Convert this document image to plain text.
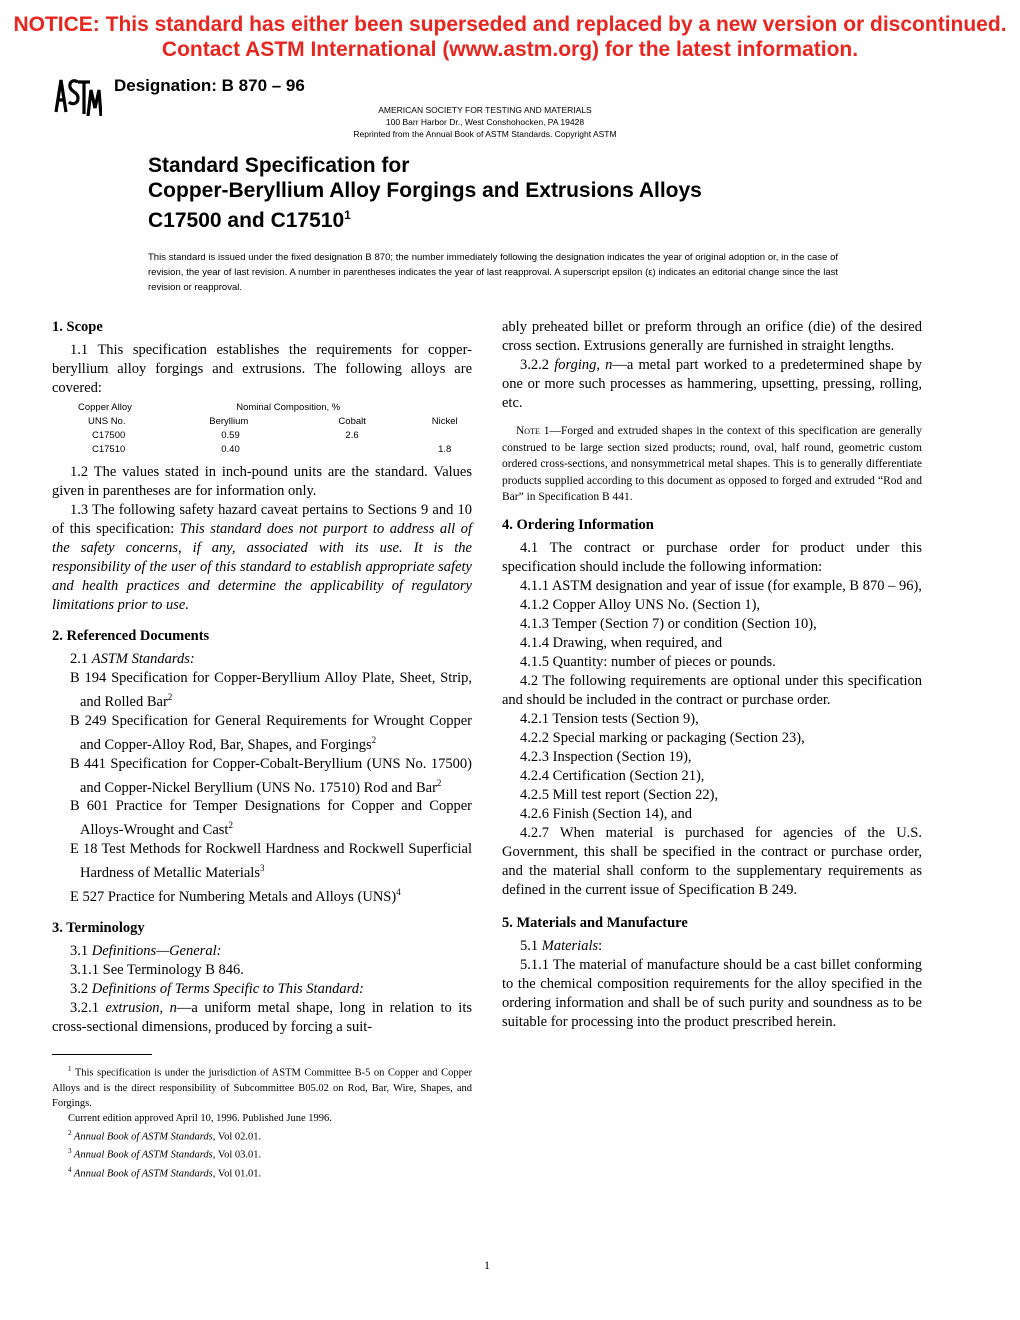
NOTICE: This standard has either been superseded and replaced by a new version or discontinued.
Contact ASTM International (www.astm.org) for the latest information.
Designation: B 870 – 96
AMERICAN SOCIETY FOR TESTING AND MATERIALS
100 Barr Harbor Dr., West Conshohocken, PA 19428
Reprinted from the Annual Book of ASTM Standards. Copyright ASTM
Standard Specification for
Copper-Beryllium Alloy Forgings and Extrusions Alloys
C17500 and C17510$^1$
This standard is issued under the fixed designation B 870; the number immediately following the designation indicates the year of original adoption or, in the case of revision, the year of last revision. A number in parentheses indicates the year of last reapproval. A superscript epsilon (ε) indicates an editorial change since the last revision or reapproval.

1. Scope

1.1 This specification establishes the requirements for copper-beryllium alloy forgings and extrusions. The following alloys are covered:

Copper Alloy	Nominal Composition, %		
UNS No.	Beryllium	Cobalt	Nickel
C17500	0.59	2.6	
C17510	0.40		1.8

1.2 The values stated in inch-pound units are the standard. Values given in parentheses are for information only.

1.3 The following safety hazard caveat pertains to Sections 9 and 10 of this specification: This standard does not purport to address all of the safety concerns, if any, associated with its use. It is the responsibility of the user of this standard to establish appropriate safety and health practices and determine the applicability of regulatory limitations prior to use.

2. Referenced Documents

2.1 ASTM Standards:

B 194 Specification for Copper-Beryllium Alloy Plate, Sheet, Strip, and Rolled Bar$^2$

B 249 Specification for General Requirements for Wrought Copper and Copper-Alloy Rod, Bar, Shapes, and Forgings$^2$

B 441 Specification for Copper-Cobalt-Beryllium (UNS No. 17500) and Copper-Nickel Beryllium (UNS No. 17510) Rod and Bar$^2$

B 601 Practice for Temper Designations for Copper and Copper Alloys-Wrought and Cast$^2$

E 18 Test Methods for Rockwell Hardness and Rockwell Superficial Hardness of Metallic Materials$^3$

E 527 Practice for Numbering Metals and Alloys (UNS)$^4$

3. Terminology

3.1 Definitions—General:

3.1.1 See Terminology B 846.

3.2 Definitions of Terms Specific to This Standard:

3.2.1 extrusion, n—a uniform metal shape, long in relation to its cross-sectional dimensions, produced by forcing a suit-

ably preheated billet or preform through an orifice (die) of the desired cross section. Extrusions generally are furnished in straight lengths.

3.2.2 forging, n—a metal part worked to a predetermined shape by one or more such processes as hammering, upsetting, pressing, rolling, etc.

Note 1—Forged and extruded shapes in the context of this specification are generally construed to be large section sized products; round, oval, half round, geometric custom ordered cross-sections, and nonsymmetrical metal shapes. This is to generally differentiate products supplied according to this document as opposed to forged and extruded “Rod and Bar” in Specification B 441.

4. Ordering Information

4.1 The contract or purchase order for product under this specification should include the following information:

4.1.1 ASTM designation and year of issue (for example, B 870 – 96),

4.1.2 Copper Alloy UNS No. (Section 1),

4.1.3 Temper (Section 7) or condition (Section 10),

4.1.4 Drawing, when required, and

4.1.5 Quantity: number of pieces or pounds.

4.2 The following requirements are optional under this specification and should be included in the contract or purchase order.

4.2.1 Tension tests (Section 9),

4.2.2 Special marking or packaging (Section 23),

4.2.3 Inspection (Section 19),

4.2.4 Certification (Section 21),

4.2.5 Mill test report (Section 22),

4.2.6 Finish (Section 14), and

4.2.7 When material is purchased for agencies of the U.S. Government, this shall be specified in the contract or purchase order, and the material shall conform to the supplementary requirements as defined in the current issue of Specification B 249.

5. Materials and Manufacture

5.1 Materials:

5.1.1 The material of manufacture should be a cast billet conforming to the chemical composition requirements for the alloy specified in the ordering information and shall be of such purity and soundness as to be suitable for processing into the product prescribed herein.

$^1$ This specification is under the jurisdiction of ASTM Committee B-5 on Copper and Copper Alloys and is the direct responsibility of Subcommittee B05.02 on Rod, Bar, Wire, Shapes, and Forgings.

Current edition approved April 10, 1996. Published June 1996.

$^2$ Annual Book of ASTM Standards, Vol 02.01.

$^3$ Annual Book of ASTM Standards, Vol 03.01.

$^4$ Annual Book of ASTM Standards, Vol 01.01.

1
